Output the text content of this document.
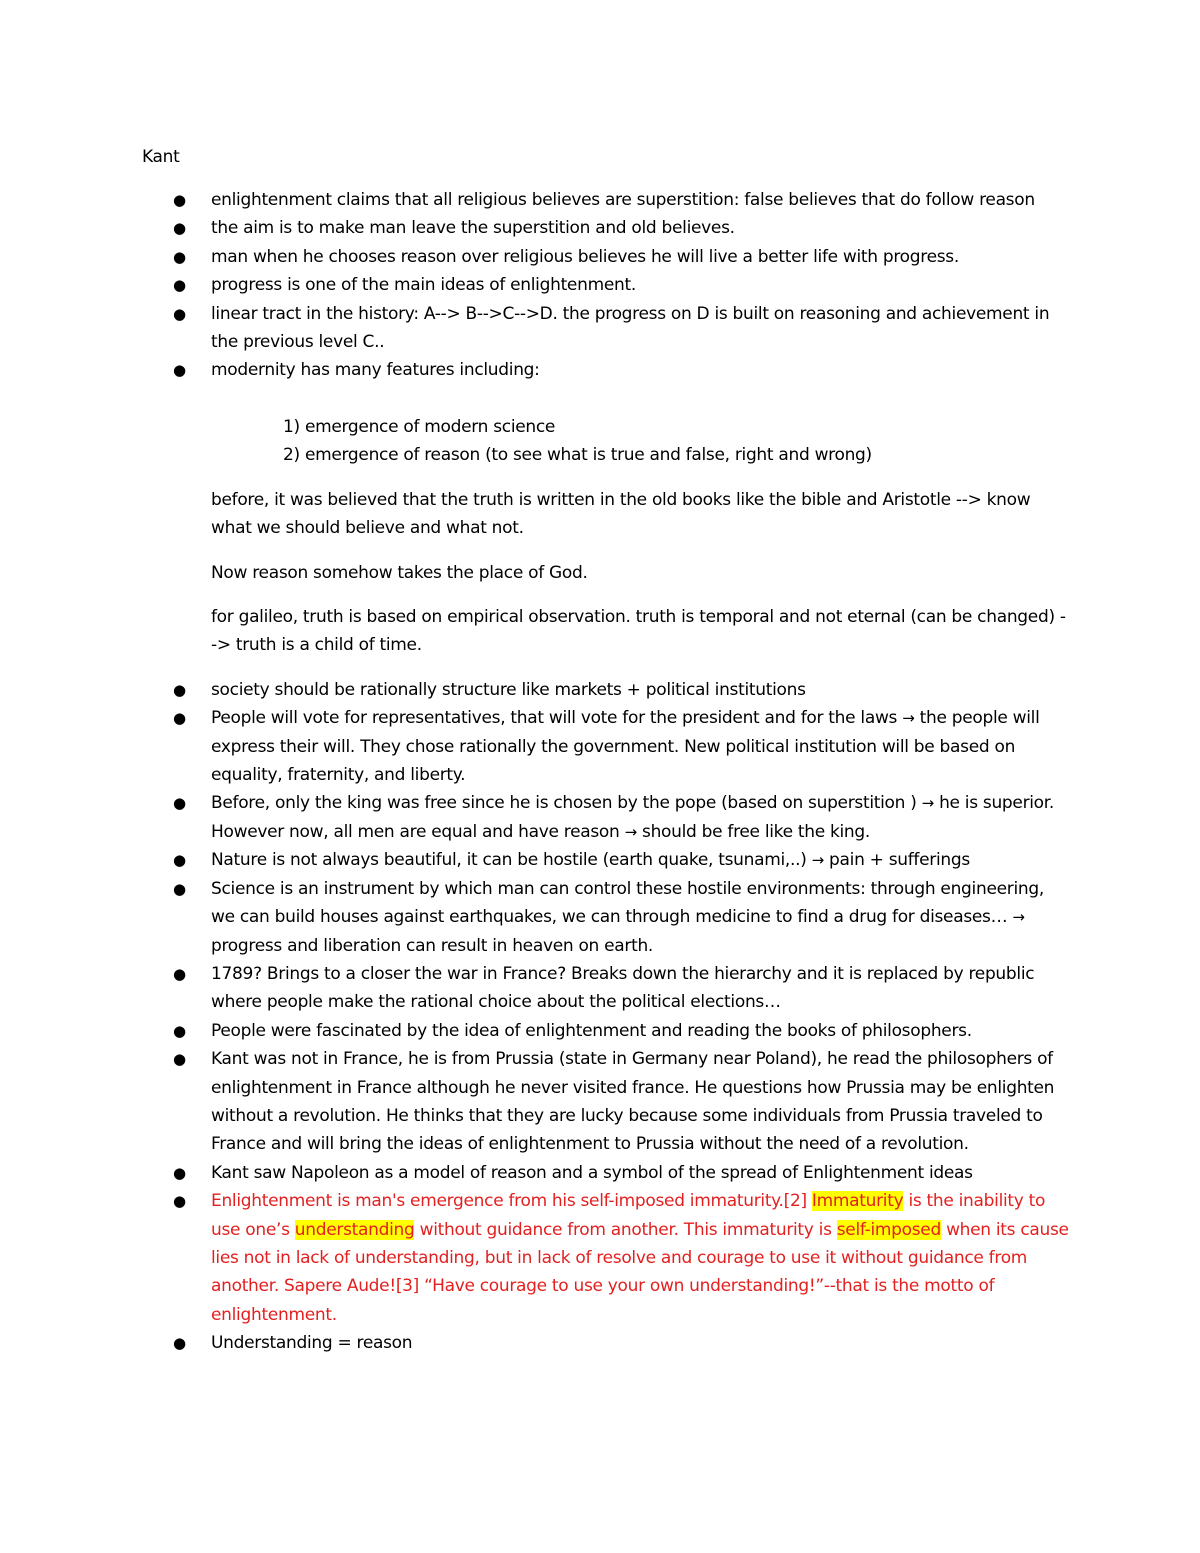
Kant
● enlightenment claims that all religious believes are superstition: false believes that do follow reason
● the aim is to make man leave the superstition and old believes.
● man when he chooses reason over religious believes he will live a better life with progress.
● progress is one of the main ideas of enlightenment.
● linear tract in the history: A--> B-->C-->D. the progress on D is built on reasoning and achievement in the previous level C..
● modernity has many features including:
1) emergence of modern science
2) emergence of reason (to see what is true and false, right and wrong)
before, it was believed that the truth is written in the old books like the bible and Aristotle --> know what we should believe and what not.
Now reason somehow takes the place of God.
for galileo, truth is based on empirical observation. truth is temporal and not eternal (can be changed) --> truth is a child of time.
● society should be rationally structure like markets + political institutions
● People will vote for representatives, that will vote for the president and for the laws → the people will express their will. They chose rationally the government. New political institution will be based on equality, fraternity, and liberty.
● Before, only the king was free since he is chosen by the pope (based on superstition ) → he is superior. However now, all men are equal and have reason → should be free like the king.
● Nature is not always beautiful, it can be hostile (earth quake, tsunami,..) → pain + sufferings
● Science is an instrument by which man can control these hostile environments: through engineering, we can build houses against earthquakes, we can through medicine to find a drug for diseases… → progress and liberation can result in heaven on earth.
● 1789? Brings to a closer the war in France? Breaks down the hierarchy and it is replaced by republic where people make the rational choice about the political elections…
● People were fascinated by the idea of enlightenment and reading the books of philosophers.
● Kant was not in France, he is from Prussia (state in Germany near Poland), he read the philosophers of enlightenment in France although he never visited france. He questions how Prussia may be enlighten without a revolution. He thinks that they are lucky because some individuals from Prussia traveled to France and will bring the ideas of enlightenment to Prussia without the need of a revolution.
● Kant saw Napoleon as a model of reason and a symbol of the spread of Enlightenment ideas
● Enlightenment is man's emergence from his self-imposed immaturity.[2] Immaturity is the inability to use one’s understanding without guidance from another. This immaturity is self-imposed when its cause lies not in lack of understanding, but in lack of resolve and courage to use it without guidance from another. Sapere Aude![3] “Have courage to use your own understanding!”--that is the motto of enlightenment.
● Understanding = reason
